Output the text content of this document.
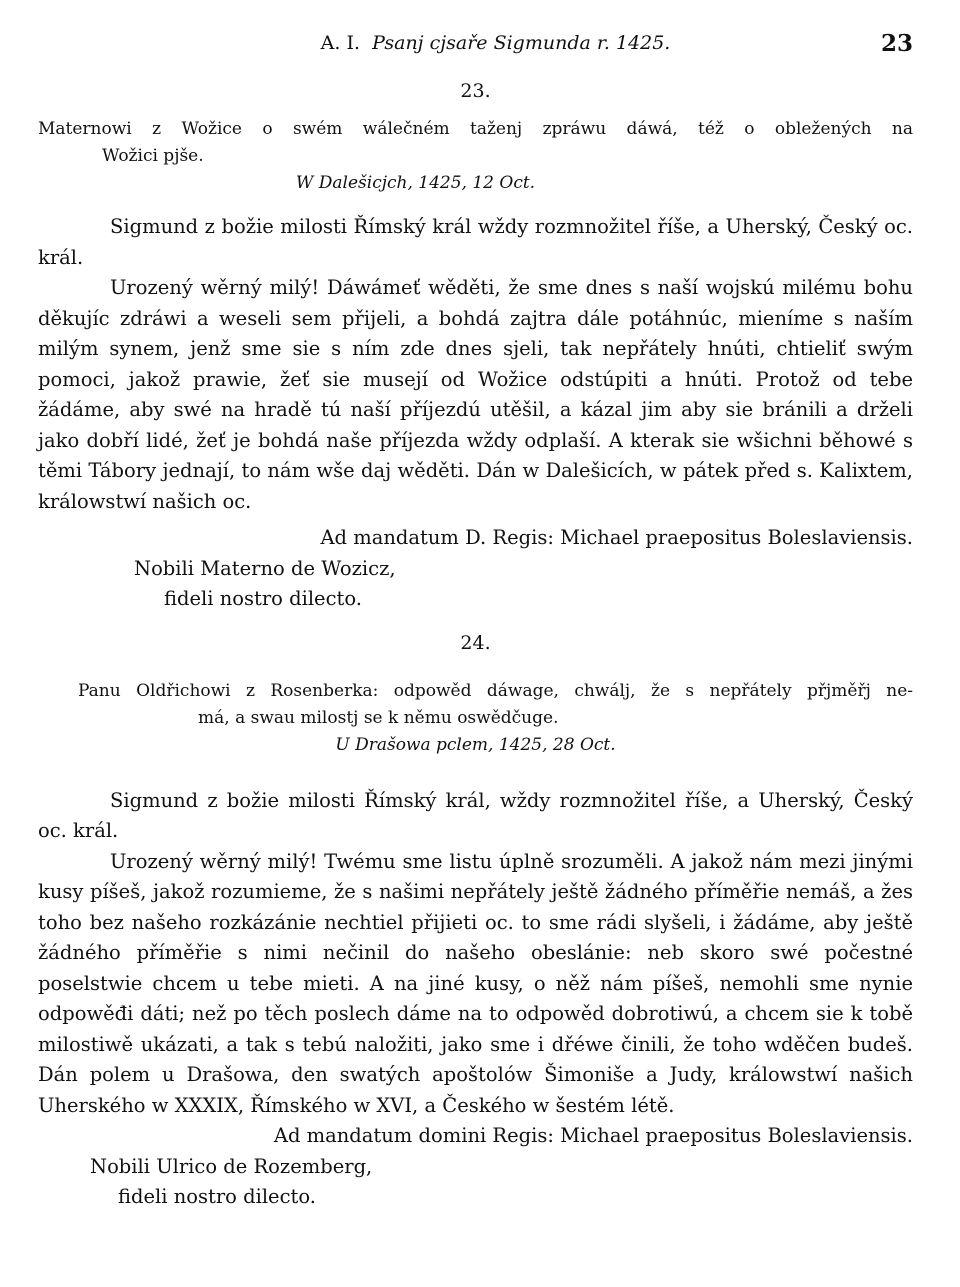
A. I. Psanj cjsaře Sigmunda r. 1425.	23
23.
Maternowi z Wožice o swém wálečném taženj zpráwu dáwá, též o obležených na
Wožici pjše.
W Dalešicjch, 1425, 12 Oct.

Sigmund z božie milosti Římský král wždy rozmnožitel říše, a Uherský, Český oc. král.

Urozený wěrný milý! Dáwámeť wěděti, že sme dnes s naší wojskú milému bohu děkujíc zdráwi a weseli sem přijeli, a bohdá zajtra dále potáhnúc, mieníme s naším milým synem, jenž sme sie s ním zde dnes sjeli, tak nepřátely hnúti, chtieliť swým pomoci, jakož prawie, žeť sie musejí od Wožice odstúpiti a hnúti. Protož od tebe žádáme, aby swé na hradě tú naší příjezdú utěšil, a kázal jim aby sie bránili a drželi jako dobří lidé, žeť je bohdá naše příjezda wždy odplaší. A kterak sie wšichni běhowé s těmi Tábory jednají, to nám wše daj wěděti. Dán w Dalešicích, w pátek před s. Kalixtem, králowstwí našich oc.

Ad mandatum D. Regis: Michael praepositus Boleslaviensis.

Nobili Materno de Wozicz,

fideli nostro dilecto.

24.
Panu Oldřichowi z Rosenberka: odpowěd dáwage, chwálj, že s nepřátely přjměřj ne-
má, a swau milostj se k němu oswědčuge.
U Drašowa pclem, 1425, 28 Oct.

Sigmund z božie milosti Římský král, wždy rozmnožitel říše, a Uherský, Český oc. král.

Urozený wěrný milý! Twému sme listu úplně srozuměli. A jakož nám mezi jinými kusy píšeš, jakož rozumieme, že s našimi nepřátely ještě žádného příměřie nemáš, a žes toho bez našeho rozkázánie nechtiel přijieti oc. to sme rádi slyšeli, i žádáme, aby ještě žádného příměřie s nimi nečinil do našeho obeslánie: neb skoro swé počestné poselstwie chcem u tebe mieti. A na jiné kusy, o něž nám píšeš, nemohli sme nynie odpowěđi dáti; než po těch poslech dáme na to odpowěd dobrotiwú, a chcem sie k tobě milostiwě ukázati, a tak s tebú naložiti, jako sme i dřéwe činili, že toho wděčen budeš. Dán polem u Drašowa, den swatých apoštolów Šimoniše a Judy, králowstwí našich Uherského w XXXIX, Římského w XVI, a Českého w šestém létě.

Ad mandatum domini Regis: Michael praepositus Boleslaviensis.

Nobili Ulrico de Rozemberg,

fideli nostro dilecto.
